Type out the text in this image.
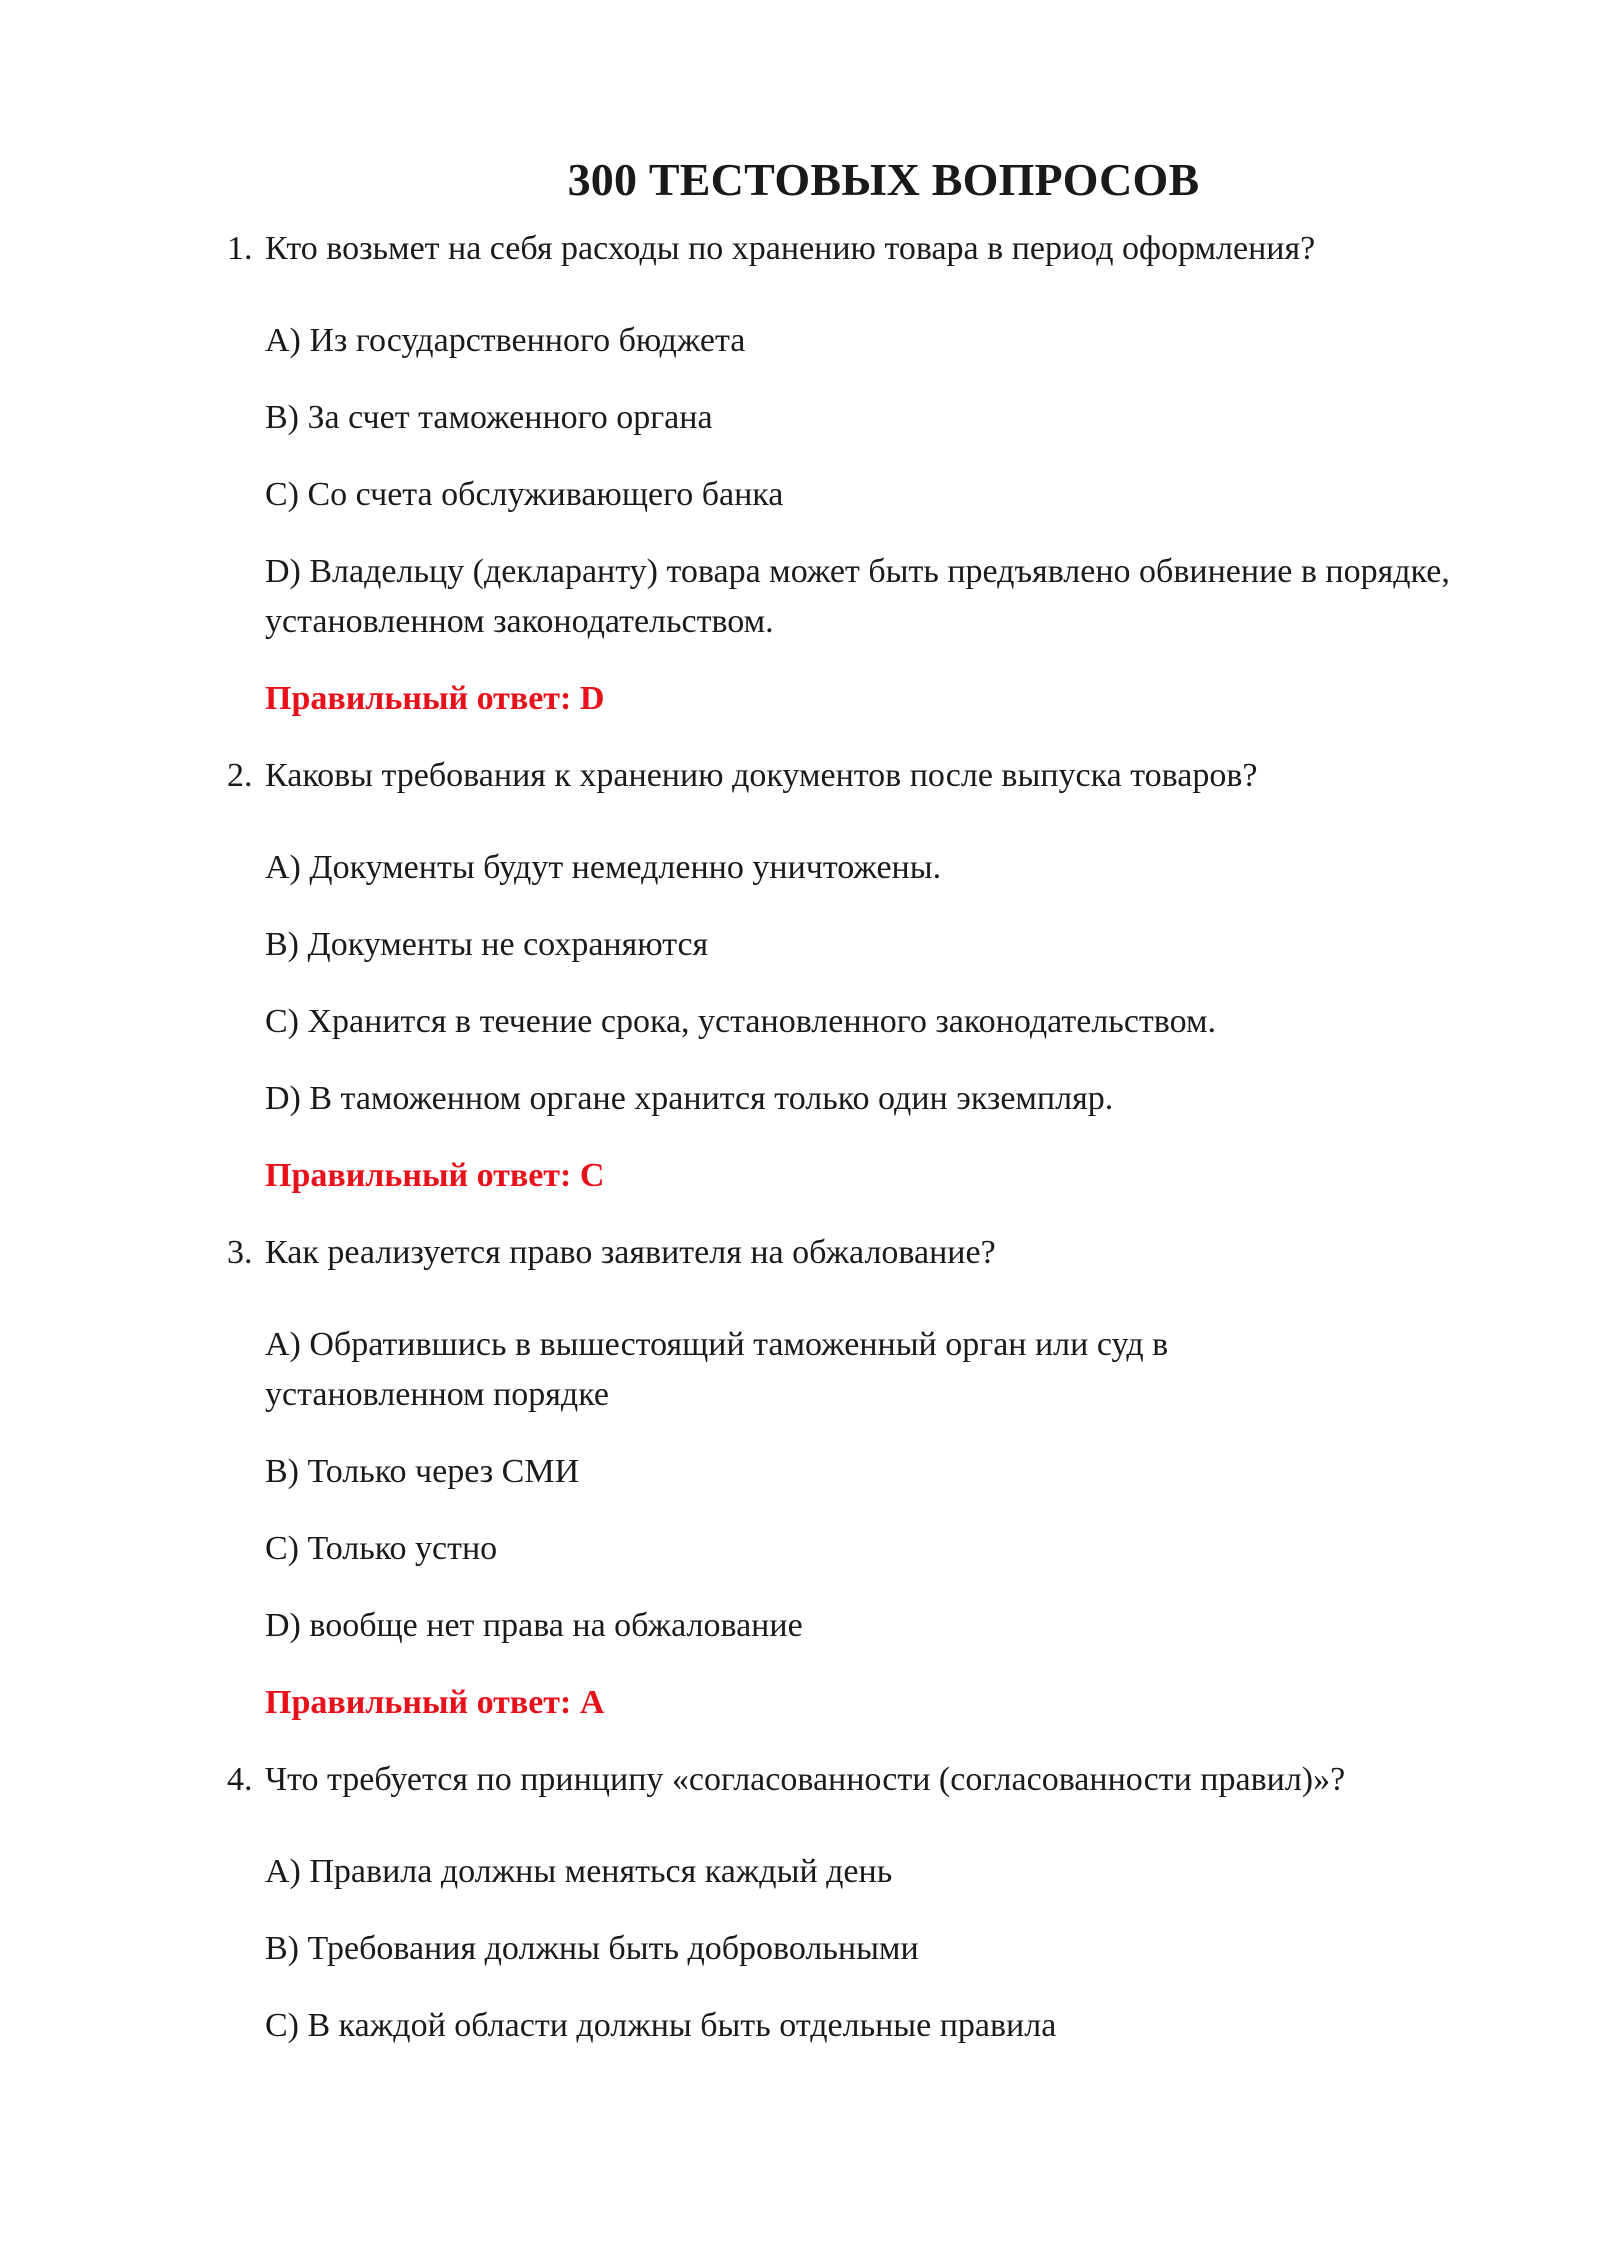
300 ТЕСТОВЫХ ВОПРОСОВ
1. Кто возьмет на себя расходы по хранению товара в период оформления?
A) Из государственного бюджета
B) За счет таможенного органа
C) Со счета обслуживающего банка
D) Владельцу (декларанту) товара может быть предъявлено обвинение в порядке, установленном законодательством.
Правильный ответ: D
2. Каковы требования к хранению документов после выпуска товаров?
A) Документы будут немедленно уничтожены.
B) Документы не сохраняются
C) Хранится в течение срока, установленного законодательством.
D) В таможенном органе хранится только один экземпляр.
Правильный ответ: C
3. Как реализуется право заявителя на обжалование?
A) Обратившись в вышестоящий таможенный орган или суд в установленном порядке
B) Только через СМИ
C) Только устно
D) вообще нет права на обжалование
Правильный ответ: A
4. Что требуется по принципу «согласованности (согласованности правил)»?
A) Правила должны меняться каждый день
B) Требования должны быть добровольными
C) В каждой области должны быть отдельные правила
